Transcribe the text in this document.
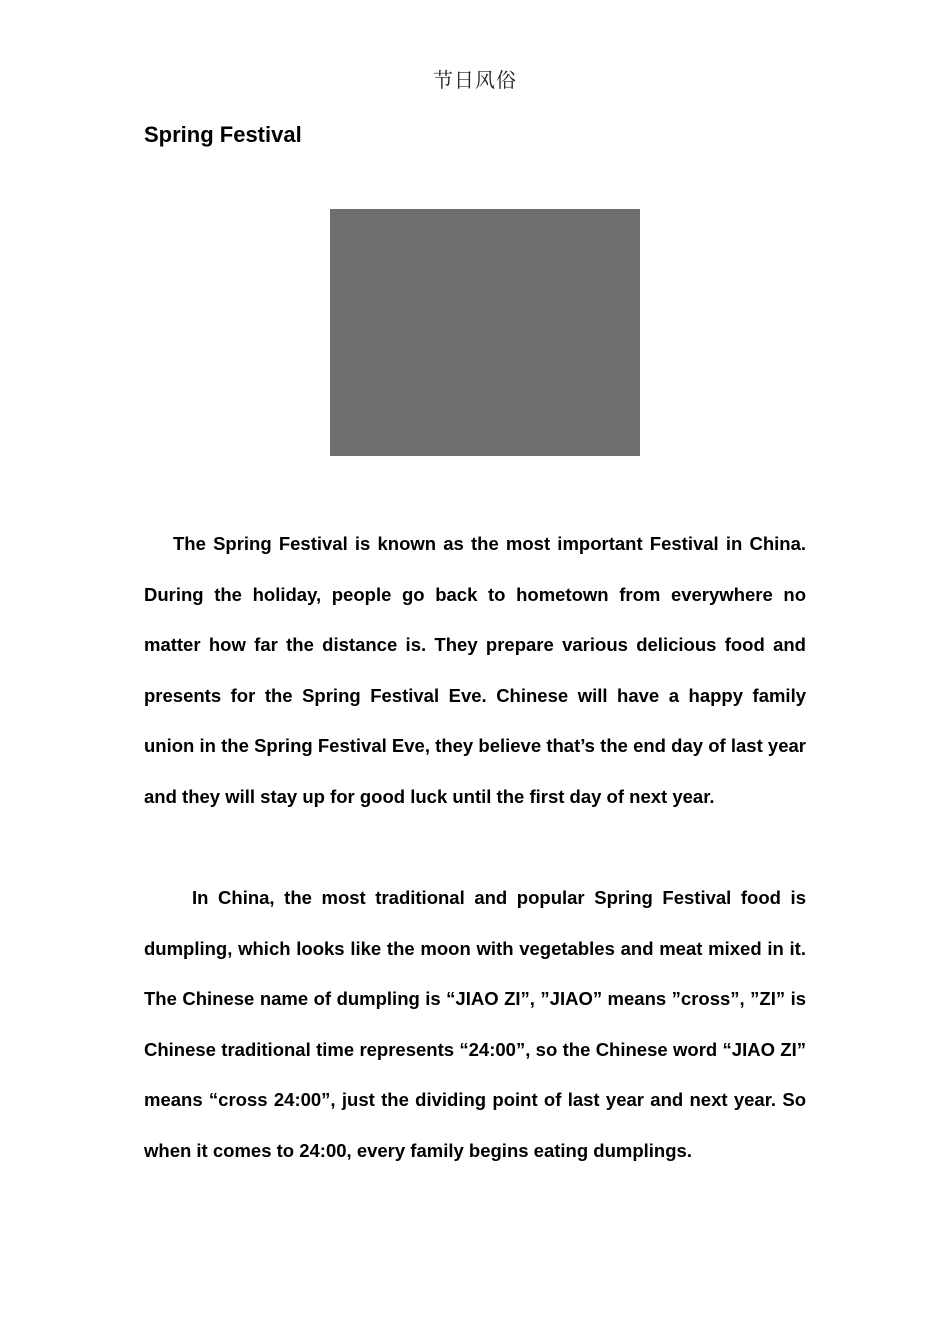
节日风俗
Spring Festival

The Spring Festival is known as the most important Festival in China. During the holiday, people go back to hometown from everywhere no matter how far the distance is. They prepare various delicious food and presents for the Spring Festival Eve. Chinese will have a happy family union in the Spring Festival Eve, they believe that’s the end day of last year and they will stay up for good luck until the first day of next year.

In China, the most traditional and popular Spring Festival food is dumpling, which looks like the moon with vegetables and meat mixed in it. The Chinese name of dumpling is “JIAO ZI”, ”JIAO” means ”cross”, ”ZI” is Chinese traditional time represents “24:00”, so the Chinese word “JIAO ZI” means “cross 24:00”, just the dividing point of last year and next year. So when it comes to 24:00, every family begins eating dumplings.
